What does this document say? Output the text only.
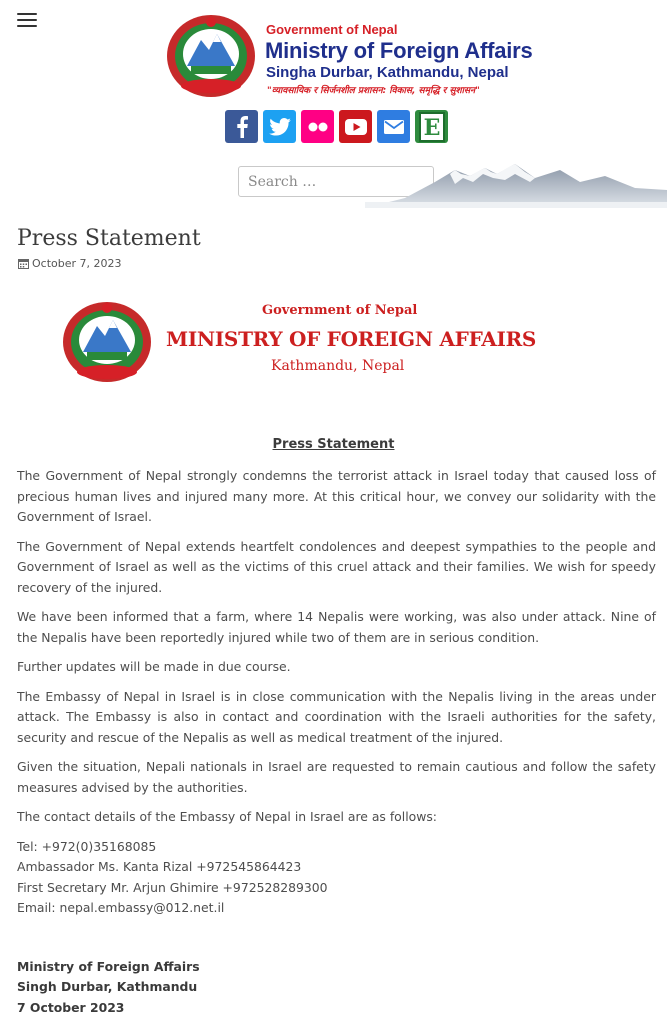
Government of Nepal
Ministry of Foreign Affairs
Singha Durbar, Kathmandu, Nepal
"व्यावसायिक र सिर्जनशील प्रशासन: विकास, समृद्धि र सुशासन"
E
Search …
Press Statement
October 7, 2023
Government of Nepal
MINISTRY OF FOREIGN AFFAIRS
Kathmandu, Nepal
Press Statement

The Government of Nepal strongly condemns the terrorist attack in Israel today that caused loss of precious human lives and injured many more. At this critical hour, we convey our solidarity with the Government of Israel.

The Government of Nepal extends heartfelt condolences and deepest sympathies to the people and Government of Israel as well as the victims of this cruel attack and their families. We wish for speedy recovery of the injured.

We have been informed that a farm, where 14 Nepalis were working, was also under attack. Nine of the Nepalis have been reportedly injured while two of them are in serious condition.

Further updates will be made in due course.

The Embassy of Nepal in Israel is in close communication with the Nepalis living in the areas under attack. The Embassy is also in contact and coordination with the Israeli authorities for the safety, security and rescue of the Nepalis as well as medical treatment of the injured.

Given the situation, Nepali nationals in Israel are requested to remain cautious and follow the safety measures advised by the authorities.

The contact details of the Embassy of Nepal in Israel are as follows:

Tel: +972(0)35168085
Ambassador Ms. Kanta Rizal +972545864423
First Secretary Mr. Arjun Ghimire +972528289300
Email: nepal.embassy@012.net.il
Ministry of Foreign Affairs
Singh Durbar, Kathmandu
7 October 2023
